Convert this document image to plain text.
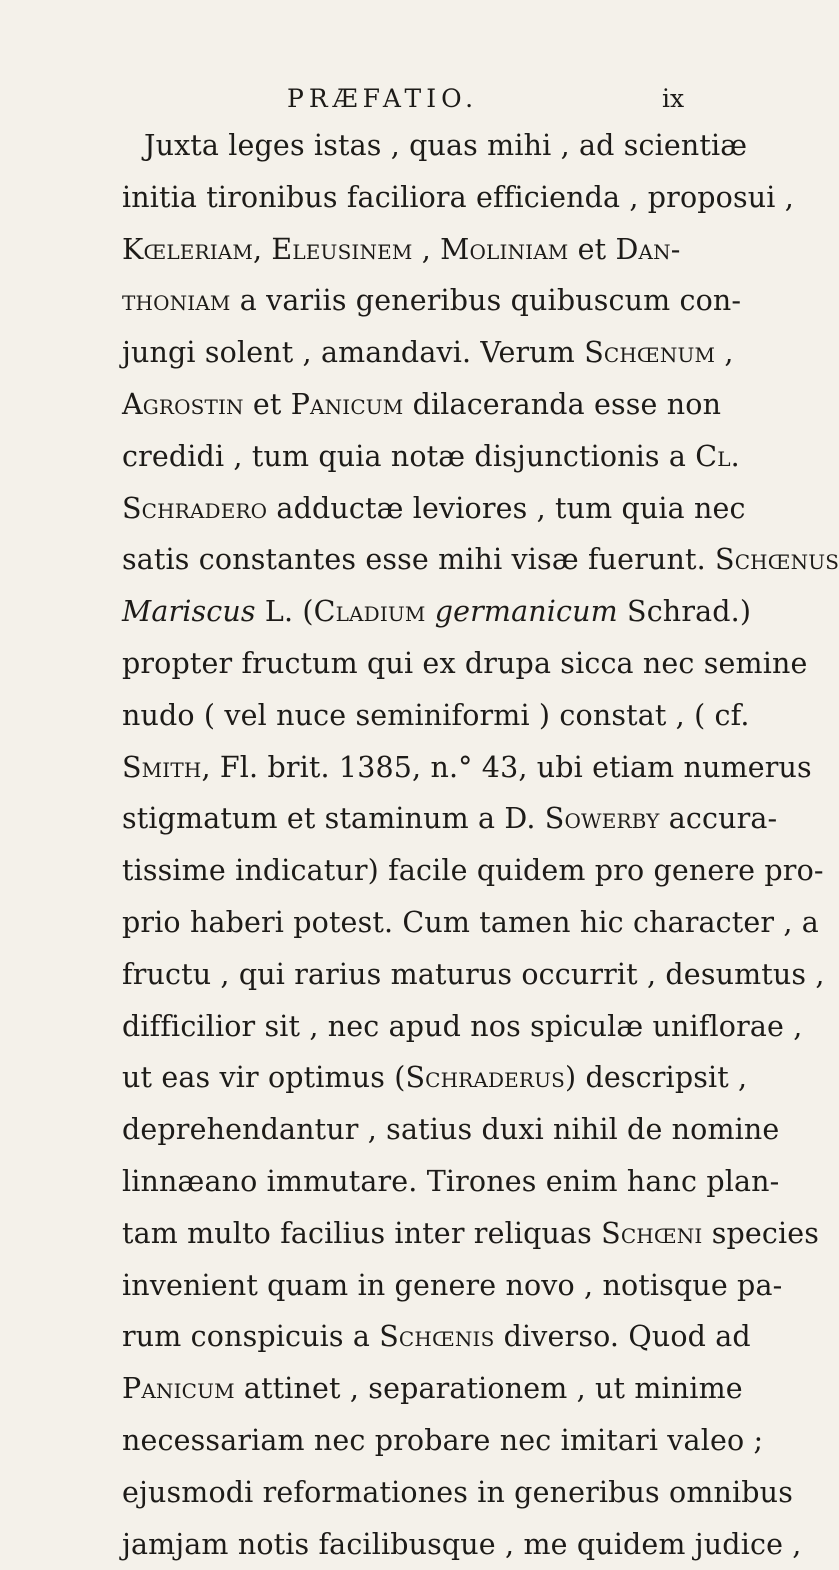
PRÆFATIO.	ix
Juxta leges istas , quas mihi , ad scientiæ
initia tironibus faciliora efficienda , proposui ,
Kœleriam, Eleusinem , Moliniam et Dan-
thoniam a variis generibus quibuscum con-
jungi solent , amandavi. Verum Schœnum ,
Agrostin et Panicum dilaceranda esse non
credidi , tum quia notæ disjunctionis a Cl.
Schradero adductæ leviores , tum quia nec
satis constantes esse mihi visæ fuerunt. Schœnus
Mariscus L. (Cladium germanicum Schrad.)
propter fructum qui ex drupa sicca nec semine
nudo ( vel nuce seminiformi ) constat , ( cf.
Smith, Fl. brit. 1385, n.° 43, ubi etiam numerus
stigmatum et staminum a D. Sowerby accura-
tissime indicatur) facile quidem pro genere pro-
prio haberi potest. Cum tamen hic character , a
fructu , qui rarius maturus occurrit , desumtus ,
difficilior sit , nec apud nos spiculæ uniflorae ,
ut eas vir optimus (Schraderus) descripsit ,
deprehendantur , satius duxi nihil de nomine
linnæano immutare. Tirones enim hanc plan-
tam multo facilius inter reliquas Schœni species
invenient quam in genere novo , notisque pa-
rum conspicuis a Schœnis diverso. Quod ad
Panicum attinet , separationem , ut minime
necessariam nec probare nec imitari valeo ;
ejusmodi reformationes in generibus omnibus
jamjam notis facilibusque , me quidem judice ,
